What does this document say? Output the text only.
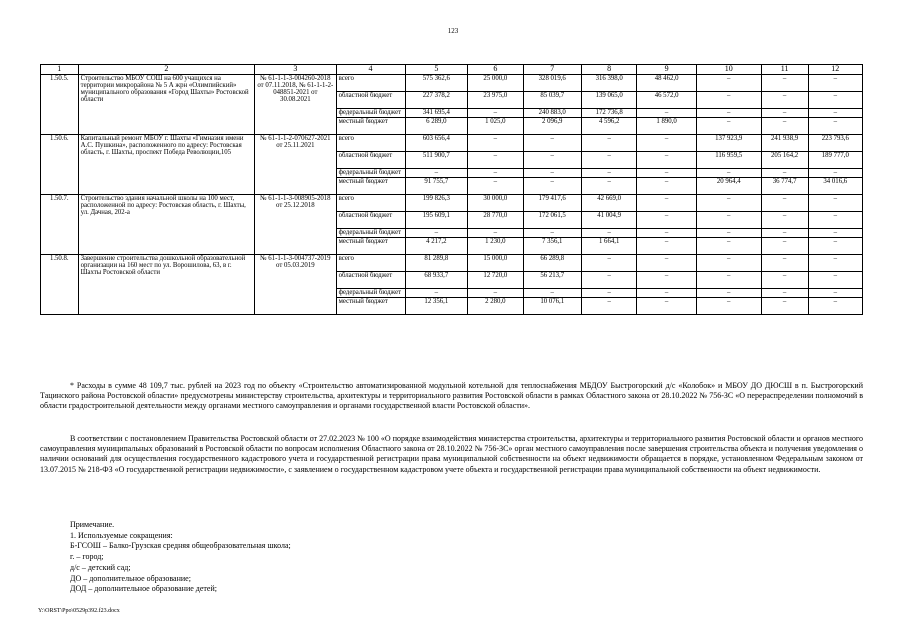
123
1	2	3	4	5	6	7	8	9	10	11	12
1.50.5.	Строительство МБОУ СОШ на 600 учащихся на территории микрорайона № 5 А жрн «Олимпийский» муниципального образования «Город Шахты» Ростовской области	№ 61-1-1-3-004260-2018 от 07.11.2018, № 61-1-1-2-048851-2021 от 30.08.2021	всего	575 362,6	25 000,0	328 019,6	316 398,0	48 462,0	–	–	–
			областной бюджет	227 378,2	23 975,0	85 039,7	139 065,0	46 572,0	–	–	–
			федеральный бюджет	341 695,4	–	240 883,0	172 736,8	–	–	–	–
			местный бюджет	6 289,0	1 025,0	2 096,9	4 596,2	1 890,0	–	–	–
1.50.6.	Капитальный ремонт МБОУ г. Шахты «Гимназия имени А.С. Пушкина», расположенного по адресу: Ростовская область, г. Шахты, проспект Победа Революции,105	№ 61-1-1-2-070627-2021 от 25.11.2021	всего	603 656,4	–	–	–	–	137 923,9	241 938,9	223 793,6
			областной бюджет	511 900,7	–	–	–	–	116 959,5	205 164,2	189 777,0
			федеральный бюджет	–	–	–	–	–	–	–	–
			местный бюджет	91 755,7	–	–	–	–	20 964,4	36 774,7	34 016,6
1.50.7.	Строительство здания начальной школы на 100 мест, расположенной по адресу: Ростовская область, г. Шахты, ул. Дачная, 202-а	№ 61-1-1-3-008905-2018 от 25.12.2018	всего	199 826,3	30 000,0	179 417,6	42 669,0	–	–	–	–
			областной бюджет	195 609,1	28 770,0	172 061,5	41 004,9	–	–	–	–
			федеральный бюджет	–	–	–	–	–	–	–	–
			местный бюджет	4 217,2	1 230,0	7 356,1	1 664,1	–	–	–	–
1.50.8.	Завершение строительства дошкольной образовательной организации на 160 мест по ул. Ворошилова, 63, в г. Шахты Ростовской области	№ 61-1-1-3-004737-2019 от 05.03.2019	всего	81 289,8	15 000,0	66 289,8	–	–	–	–	–
			областной бюджет	68 933,7	12 720,0	56 213,7	–	–	–	–	–
			федеральный бюджет	–	–	–	–	–	–	–	–
			местный бюджет	12 356,1	2 280,0	10 076,1	–	–	–	–	–

* Расходы в сумме 48 109,7 тыс. рублей на 2023 год по объекту «Строительство автоматизированной модульной котельной для теплоснабжения МБДОУ Быстрогорский д/с «Колобок» и МБОУ ДО ДЮСШ в п. Быстрогорский Тацинского района Ростовской области» предусмотрены министерству строительства, архитектуры и территориального развития Ростовской области в рамках Областного закона от 28.10.2022 № 756-ЗС «О перераспределении полномочий в области градостроительной деятельности между органами местного самоуправления и органами государственной власти Ростовской области».

В соответствии с постановлением Правительства Ростовской области от 27.02.2023 № 100 «О порядке взаимодействия министерства строительства, архитектуры и территориального развития Ростовской области и органов местного самоуправления муниципальных образований в Ростовской области по вопросам исполнения Областного закона от 28.10.2022 № 756-ЗС» орган местного самоуправления после завершения строительства объекта и получения уведомления о наличии оснований для осуществления государственного кадастрового учета и государственной регистрации права муниципальной собственности на объект недвижимости обращается в порядке, установленном Федеральным законом от 13.07.2015 № 218-ФЗ «О государственной регистрации недвижимости», с заявлением о государственном кадастровом учете объекта и государственной регистрации права муниципальной собственности на объект недвижимости.

Примечание.
1. Используемые сокращения:
Б-ГСОШ – Балко-Грузская средняя общеобразовательная школа;
г. – город;
д/с – детский сад;
ДО – дополнительное образование;
ДОД – дополнительное образование детей;
Y:\ORST\Ppo\0529p392.f23.docx
